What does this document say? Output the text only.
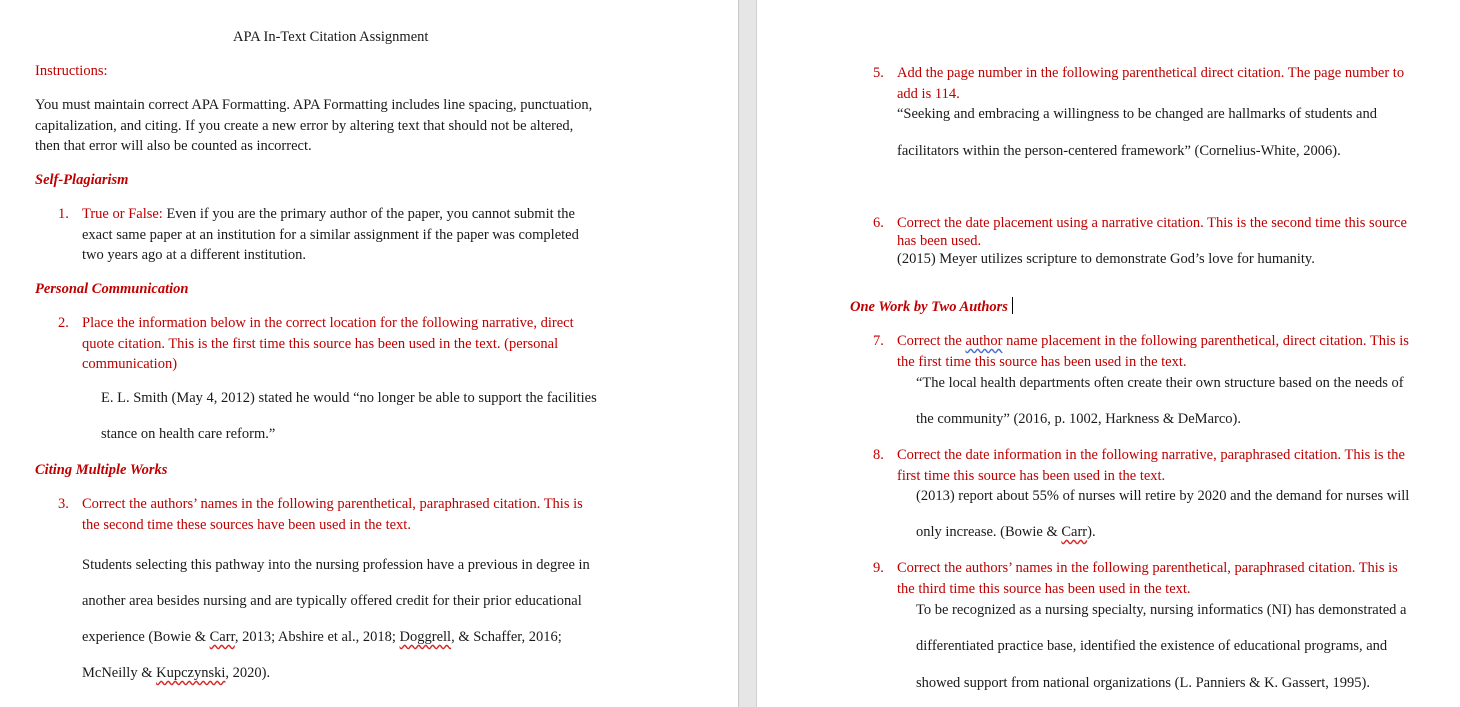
APA In-Text Citation Assignment
Instructions:
You must maintain correct APA Formatting. APA Formatting includes line spacing, punctuation,
capitalization, and citing. If you create a new error by altering text that should not be altered,
then that error will also be counted as incorrect.
Self-Plagiarism
1. True or False: Even if you are the primary author of the paper, you cannot submit the
exact same paper at an institution for a similar assignment if the paper was completed
two years ago at a different institution.
Personal Communication
2. Place the information below in the correct location for the following narrative, direct
quote citation. This is the first time this source has been used in the text. (personal
communication)
E. L. Smith (May 4, 2012) stated he would “no longer be able to support the facilities
stance on health care reform.”
Citing Multiple Works
3. Correct the authors’ names in the following parenthetical, paraphrased citation. This is
the second time these sources have been used in the text.
Students selecting this pathway into the nursing profession have a previous in degree in
another area besides nursing and are typically offered credit for their prior educational
experience (Bowie & Carr, 2013; Abshire et al., 2018; Doggrell, & Schaffer, 2016;
McNeilly & Kupczynski, 2020).
5. Add the page number in the following parenthetical direct citation. The page number to
add is 114.
“Seeking and embracing a willingness to be changed are hallmarks of students and
facilitators within the person-centered framework” (Cornelius-White, 2006).
6. Correct the date placement using a narrative citation. This is the second time this source
has been used.
(2015) Meyer utilizes scripture to demonstrate God’s love for humanity.
One Work by Two Authors
7. Correct the author name placement in the following parenthetical, direct citation. This is
the first time this source has been used in the text.
“The local health departments often create their own structure based on the needs of
the community” (2016, p. 1002, Harkness & DeMarco).
8. Correct the date information in the following narrative, paraphrased citation. This is the
first time this source has been used in the text.
(2013) report about 55% of nurses will retire by 2020 and the demand for nurses will
only increase. (Bowie & Carr).
9. Correct the authors’ names in the following parenthetical, paraphrased citation. This is
the third time this source has been used in the text.
To be recognized as a nursing specialty, nursing informatics (NI) has demonstrated a
differentiated practice base, identified the existence of educational programs, and
showed support from national organizations (L. Panniers & K. Gassert, 1995).
